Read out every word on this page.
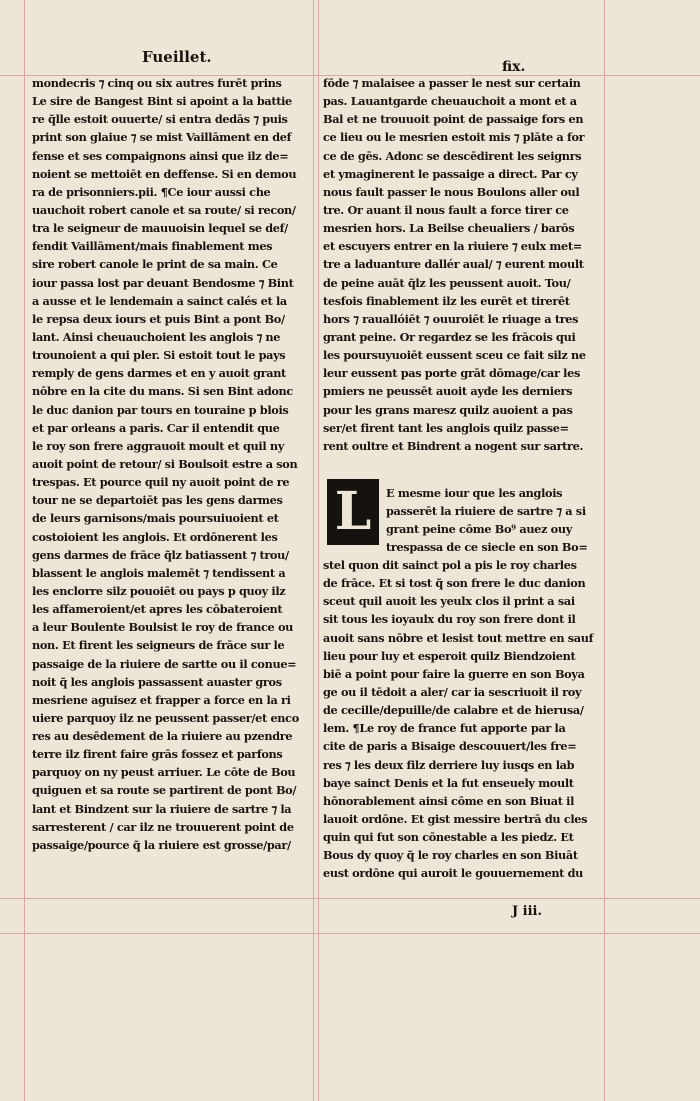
Fueillet.
fix.
mondecris ⁊ cinq ou six autres furēt prins
Le sire de Bangest Bint si apoint a la battie
re q̃lle estoit ouuerte/ si entra dedās ⁊ puis
print son glaiue ⁊ se mist Vaillāment en def
fense et ses compaignons ainsi que ilz de=
noient se mettoiēt en deffense. Si en demou
ra de prisonniers.pii. ¶Ce iour aussi che
uauchoit robert canole et sa route/ si recon/
tra le seigneur de mauuoisin lequel se def/
fendit Vaillāment/mais finablement mes
sire robert canole le print de sa main. Ce
iour passa lost par deuant Bendosme ⁊ Bint
a ausse et le lendemain a sainct calés et la
le repsa deux iours et puis Bint a pont Bo/
lant. Ainsi cheuauchoient les anglois ⁊ ne
trounoient a qui pler. Si estoit tout le pays
remply de gens darmes et en y auoit grant
nōbre en la cite du mans. Si sen Bint adonc
le duc danion par tours en touraine p blois
et par orleans a paris. Car il entendit que
le roy son frere aggrauoit moult et quil ny
auoit point de retour/ si Boulsoit estre a son
trespas. Et pource quil ny auoit point de re
tour ne se departoiēt pas les gens darmes
de leurs garnisons/mais poursuiuoient et
costoioient les anglois. Et ordōnerent les
gens darmes de frāce q̃lz batiassent ⁊ trou/
blassent le anglois malemēt ⁊ tendissent a
les enclorre silz pouoiēt ou pays p quoy ilz
les affameroient/et apres les cōbateroient
a leur Boulente Boulsist le roy de france ou
non. Et firent les seigneurs de frāce sur le
passaige de la riuiere de sartte ou il conue=
noit q̃ les anglois passassent auaster gros
mesriene aguisez et frapper a force en la ri
uiere parquoy ilz ne peussent passer/et enco
res au desēdement de la riuiere au pzendre
terre ilz firent faire grās fossez et parfons
parquoy on ny peust arriuer. Le cōte de Bou
quiguen et sa route se partirent de pont Bo/
lant et Bindzent sur la riuiere de sartre ⁊ la
sarresterent / car ilz ne trouuerent point de
passaige/pource q̃ la riuiere est grosse/par/
fōde ⁊ malaisee a passer le nest sur certain
pas. Lauantgarde cheuauchoit a mont et a
Bal et ne trouuoit point de passaige fors en
ce lieu ou le mesrien estoit mis ⁊ plāte a for
ce de gēs. Adonc se descēdirent les seignrs
et ymaginerent le passaige a direct. Par cy
nous fault passer le nous Boulons aller oul
tre. Or auant il nous fault a force tirer ce
mesrien hors. La Beilse cheualiers / barōs
et escuyers entrer en la riuiere ⁊ eulx met=
tre a laduanture dallér aual/ ⁊ eurent moult
de peine auāt q̃lz les peussent auoit. Tou/
tesfois finablement ilz les eurēt et tirerēt
hors ⁊ rauallóiēt ⁊ ouuroiēt le riuage a tres
grant peine. Or regardez se les frācois qui
les poursuyuoiēt eussent sceu ce fait silz ne
leur eussent pas porte grāt dōmage/car les
pmiers ne peussēt auoit ayde les derniers
pour les grans maresz quilz auoient a pas
ser/et firent tant les anglois quilz passe=
rent oultre et Bindrent a nogent sur sartre.
L	E mesme iour que les anglois
passerēt la riuiere de sartre ⁊ a si
grant peine cōme Bo⁹ auez ouy
trespassa de ce siecle en son Bo=
stel quon dit sainct pol a pis le roy charles
de frāce. Et si tost q̃ son frere le duc danion
sceut quil auoit les yeulx clos il print a sai
sit tous les ioyaulx du roy son frere dont il
auoit sans nōbre et lesist tout mettre en sauf
lieu pour luy et esperoit quilz Biendzoient
biē a point pour faire la guerre en son Boya
ge ou il tēdoit a aler/ car ia sescriuoit il roy
de cecille/depuille/de calabre et de hierusa/
lem. ¶Le roy de france fut apporte par la
cite de paris a Bisaige descouuert/les fre=
res ⁊ les deux filz derriere luy iusqs en lab
baye sainct Denis et la fut enseuely moult
hōnorablement ainsi cōme en son Biuat il
lauoit ordōne. Et gist messire bertrā du cles
quin qui fut son cōnestable a les piedz. Et
Bous dy quoy q̃ le roy charles en son Biuāt
eust ordōne qui auroit le gouuernement du
J iii.
